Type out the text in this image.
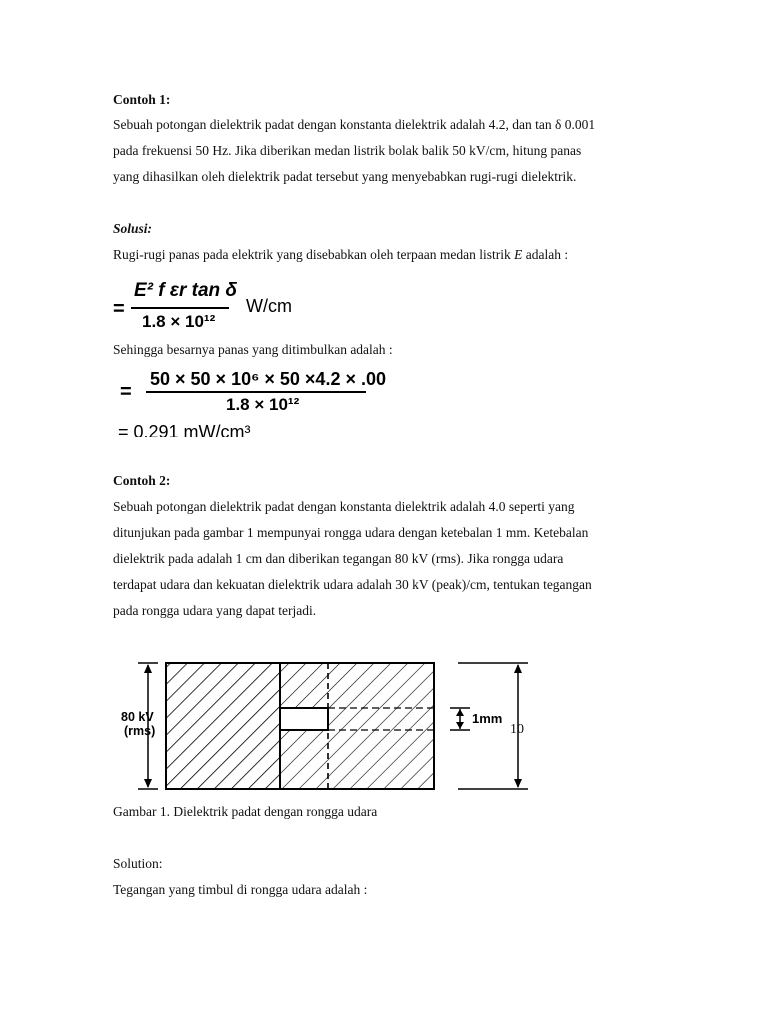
Contoh 1:
Sebuah potongan dielektrik padat dengan konstanta dielektrik adalah 4.2, dan tan δ 0.001
pada frekuensi 50 Hz. Jika diberikan medan listrik bolak balik 50 kV/cm, hitung panas
yang dihasilkan oleh dielektrik padat tersebut yang menyebabkan rugi-rugi dielektrik.
Solusi:
Rugi-rugi panas pada elektrik yang disebabkan oleh terpaan medan listrik E adalah :
=
E² f εr tan δ
1.8 × 10¹²
W/cm
Sehingga besarnya panas yang ditimbulkan adalah :
=
50 × 50 × 10⁶ × 50 ×4.2 × .00
1.8 × 10¹²
= 0.291 mW/cm³
Contoh 2:
Sebuah potongan dielektrik padat dengan konstanta dielektrik adalah 4.0 seperti yang
ditunjukan pada gambar 1 mempunyai rongga udara dengan ketebalan 1 mm. Ketebalan
dielektrik pada adalah 1 cm dan diberikan tegangan 80 kV (rms). Jika rongga udara
terdapat udara dan kekuatan dielektrik udara adalah 30 kV (peak)/cm, tentukan tegangan
pada rongga udara yang dapat terjadi.
80 kV
(rms)
1mm
10
Gambar 1. Dielektrik padat dengan rongga udara
Solution:
Tegangan yang timbul di rongga udara adalah :
